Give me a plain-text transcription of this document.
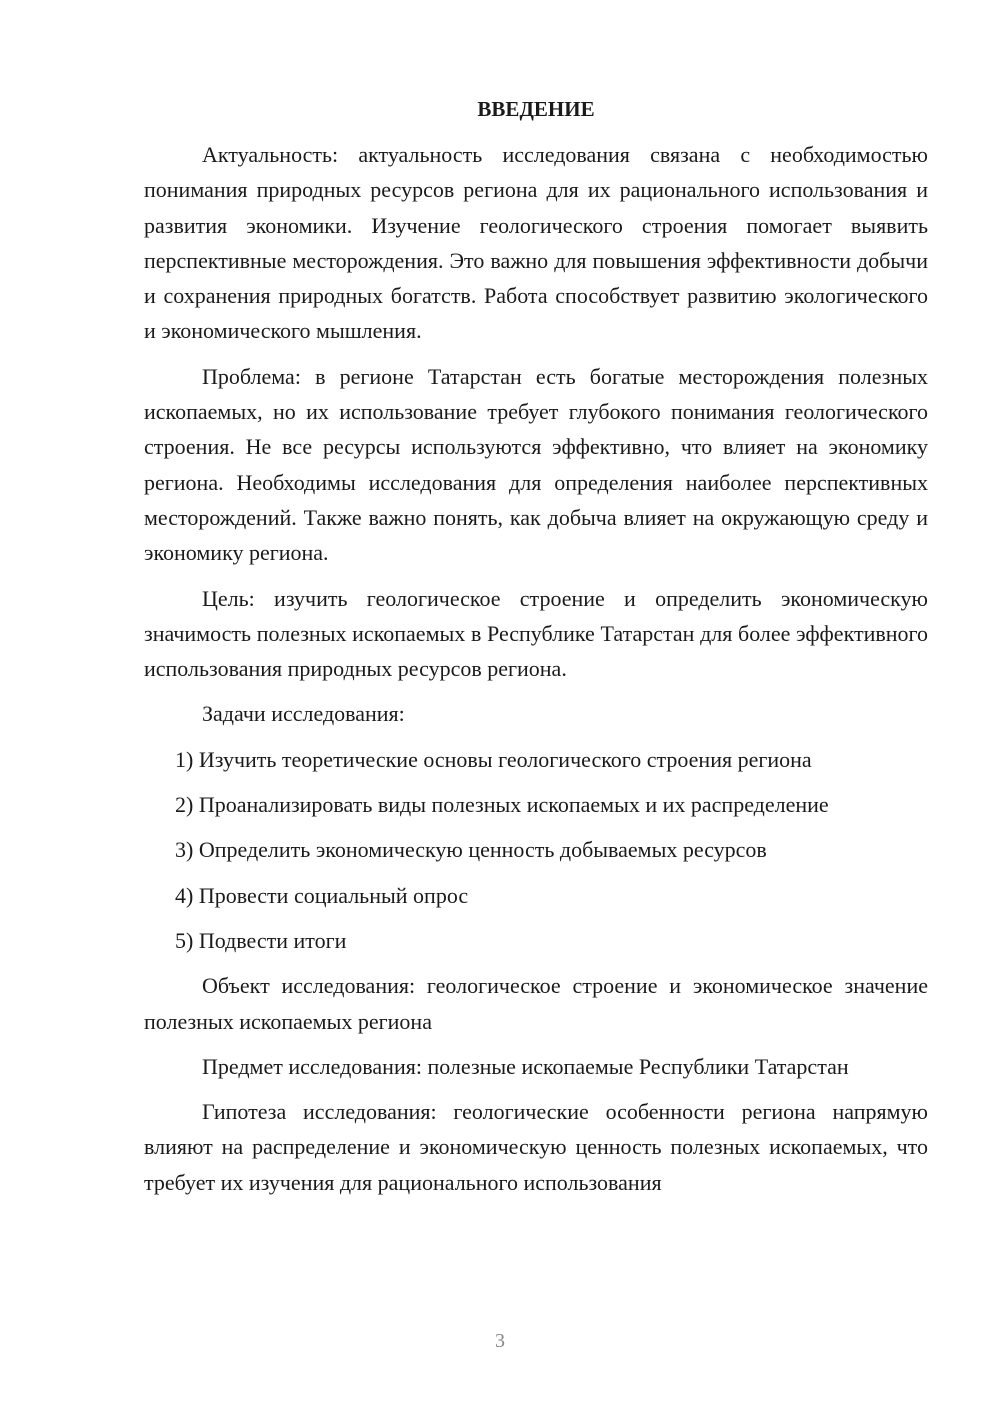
ВВЕДЕНИЕ

Актуальность: актуальность исследования связана с необходимостью понимания природных ресурсов региона для их рационального использования и развития экономики. Изучение геологического строения помогает выявить перспективные месторождения. Это важно для повышения эффективности добычи и сохранения природных богатств. Работа способствует развитию экологического и экономического мышления.

Проблема: в регионе Татарстан есть богатые месторождения полезных ископаемых, но их использование требует глубокого понимания геологического строения. Не все ресурсы используются эффективно, что влияет на экономику региона. Необходимы исследования для определения наиболее перспективных месторождений. Также важно понять, как добыча влияет на окружающую среду и экономику региона.

Цель: изучить геологическое строение и определить экономическую значимость полезных ископаемых в Республике Татарстан для более эффективного использования природных ресурсов региона.

Задачи исследования:

1) Изучить теоретические основы геологического строения региона
2) Проанализировать виды полезных ископаемых и их распределение
3) Определить экономическую ценность добываемых ресурсов
4) Провести социальный опрос
5) Подвести итоги

Объект исследования: геологическое строение и экономическое значение полезных ископаемых региона

Предмет исследования: полезные ископаемые Республики Татарстан

Гипотеза исследования: геологические особенности региона напрямую влияют на распределение и экономическую ценность полезных ископаемых, что требует их изучения для рационального использования

3
